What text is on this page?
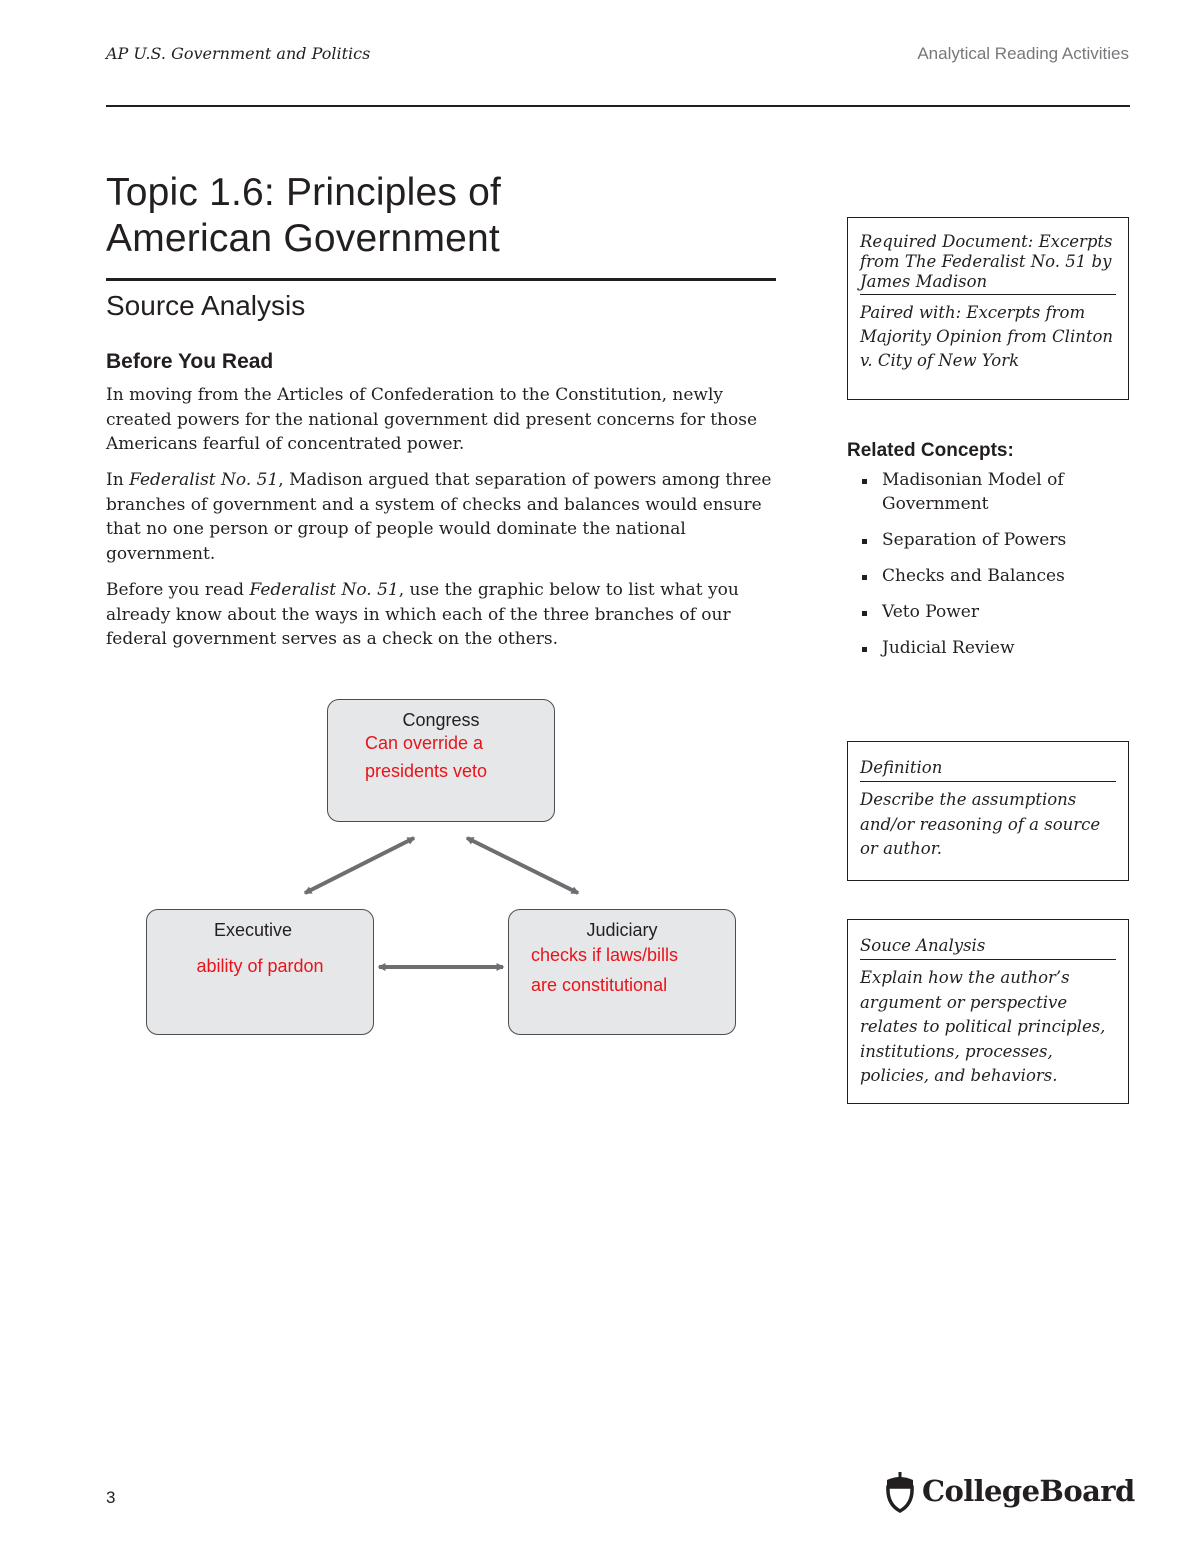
AP U.S. Government and Politics	Analytical Reading Activities
Topic 1.6: Principles of
American Government
Source Analysis
Before You Read

In moving from the Articles of Confederation to the Constitution, newly created powers for the national government did present concerns for those Americans fearful of concentrated power.

In Federalist No. 51, Madison argued that separation of powers among three branches of government and a system of checks and balances would ensure that no one person or group of people would dominate the national government.

Before you read Federalist No. 51, use the graphic below to list what you already know about the ways in which each of the three branches of our federal government serves as a check on the others.

Required Document: Excerpts from The Federalist No. 51 by James Madison
Paired with: Excerpts from Majority Opinion from Clinton v. City of New York
Related Concepts:
Madisonian Model of Government
Separation of Powers
Checks and Balances
Veto Power
Judicial Review
Definition
Describe the assumptions and/or reasoning of a source or author.
Souce Analysis
Explain how the author’s argument or perspective relates to political principles, institutions, processes, policies, and behaviors.
Congress
Can override a
presidents veto
Executive
ability of pardon
Judiciary
checks if laws/bills
are constitutional
3	CollegeBoard
